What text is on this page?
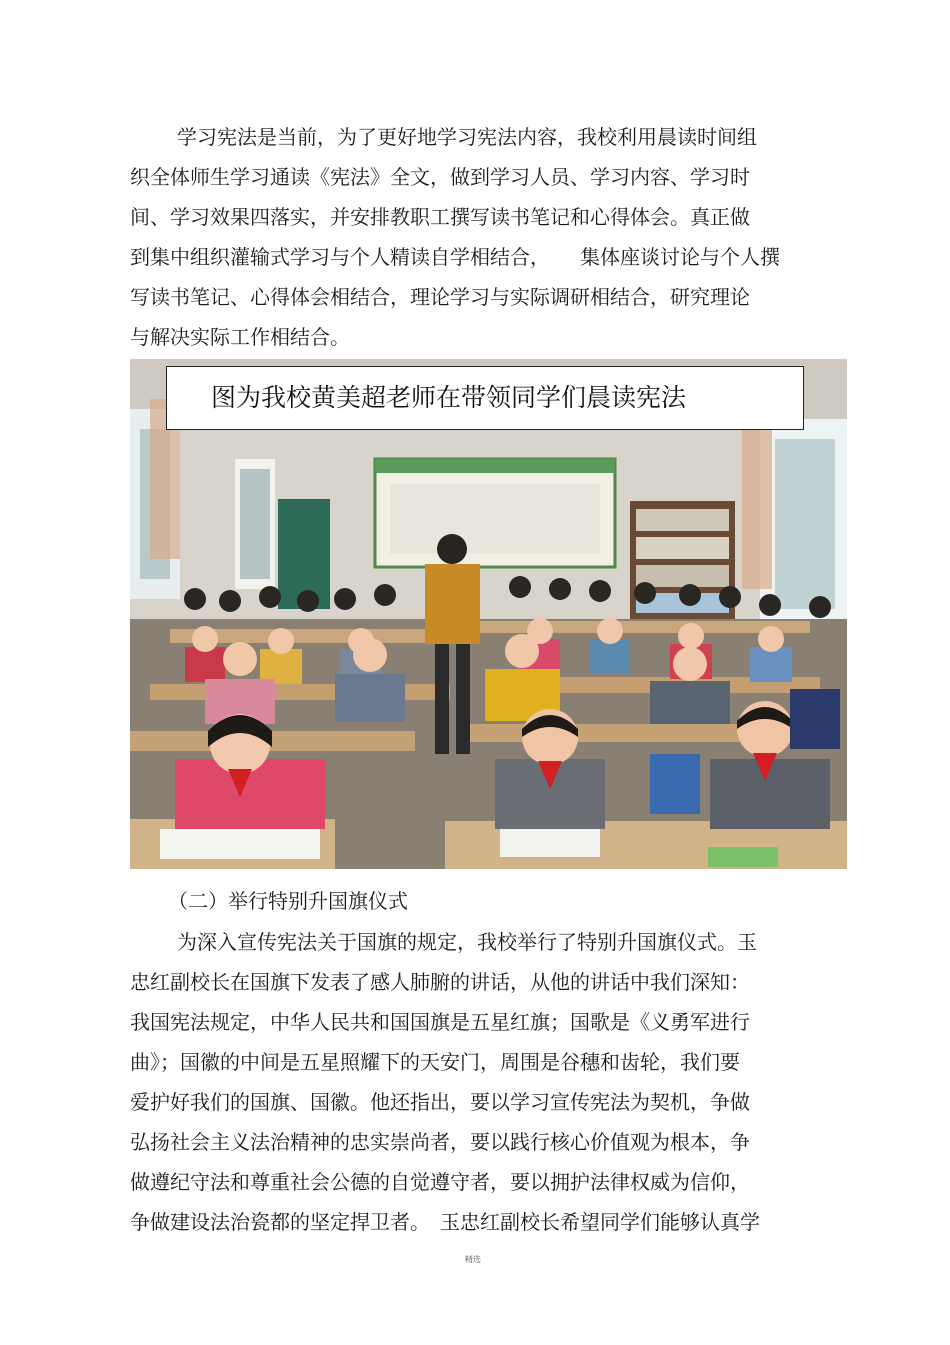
学习宪法是当前，为了更好地学习宪法内容，我校利用晨读时间组
织全体师生学习通读《宪法》全文，做到学习人员、学习内容、学习时
间、学习效果四落实，并安排教职工撰写读书笔记和心得体会。真正做
到集中组织灌输式学习与个人精读自学相结合，　　集体座谈讨论与个人撰
写读书笔记、心得体会相结合，理论学习与实际调研相结合，研究理论
与解决实际工作相结合。
图为我校黄美超老师在带领同学们晨读宪法
（二）举行特别升国旗仪式
为深入宣传宪法关于国旗的规定，我校举行了特别升国旗仪式。玉
忠红副校长在国旗下发表了感人肺腑的讲话，从他的讲话中我们深知：
我国宪法规定，中华人民共和国国旗是五星红旗；国歌是《义勇军进行
曲》；国徽的中间是五星照耀下的天安门，周围是谷穗和齿轮，我们要
爱护好我们的国旗、国徽。他还指出，要以学习宣传宪法为契机，争做
弘扬社会主义法治精神的忠实崇尚者，要以践行核心价值观为根本，争
做遵纪守法和尊重社会公德的自觉遵守者，要以拥护法律权威为信仰，
争做建设法治瓷都的坚定捍卫者。　玉忠红副校长希望同学们能够认真学
精选
